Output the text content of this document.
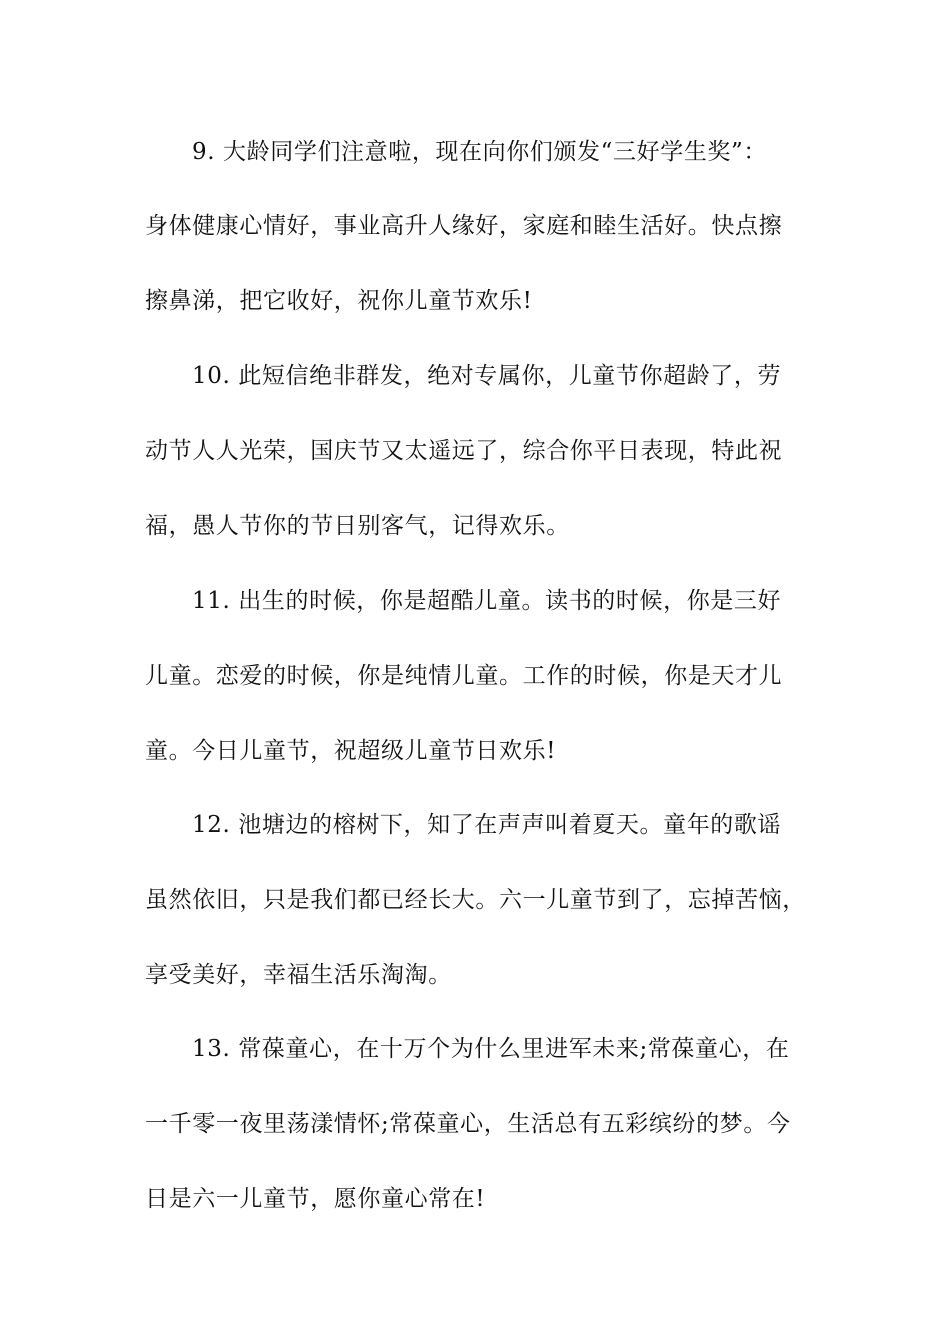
9. 大龄同学们注意啦，现在向你们颁发“三好学生奖”：
身体健康心情好，事业高升人缘好，家庭和睦生活好。快点擦
擦鼻涕，把它收好，祝你儿童节欢乐!
10. 此短信绝非群发，绝对专属你，儿童节你超龄了，劳
动节人人光荣，国庆节又太遥远了，综合你平日表现，特此祝
福，愚人节你的节日别客气，记得欢乐。
11. 出生的时候，你是超酷儿童。读书的时候，你是三好
儿童。恋爱的时候，你是纯情儿童。工作的时候，你是天才儿
童。今日儿童节，祝超级儿童节日欢乐!
12. 池塘边的榕树下，知了在声声叫着夏天。童年的歌谣
虽然依旧，只是我们都已经长大。六一儿童节到了，忘掉苦恼，
享受美好，幸福生活乐淘淘。
13. 常葆童心，在十万个为什么里进军未来;常葆童心，在
一千零一夜里荡漾情怀;常葆童心，生活总有五彩缤纷的梦。今
日是六一儿童节，愿你童心常在!
